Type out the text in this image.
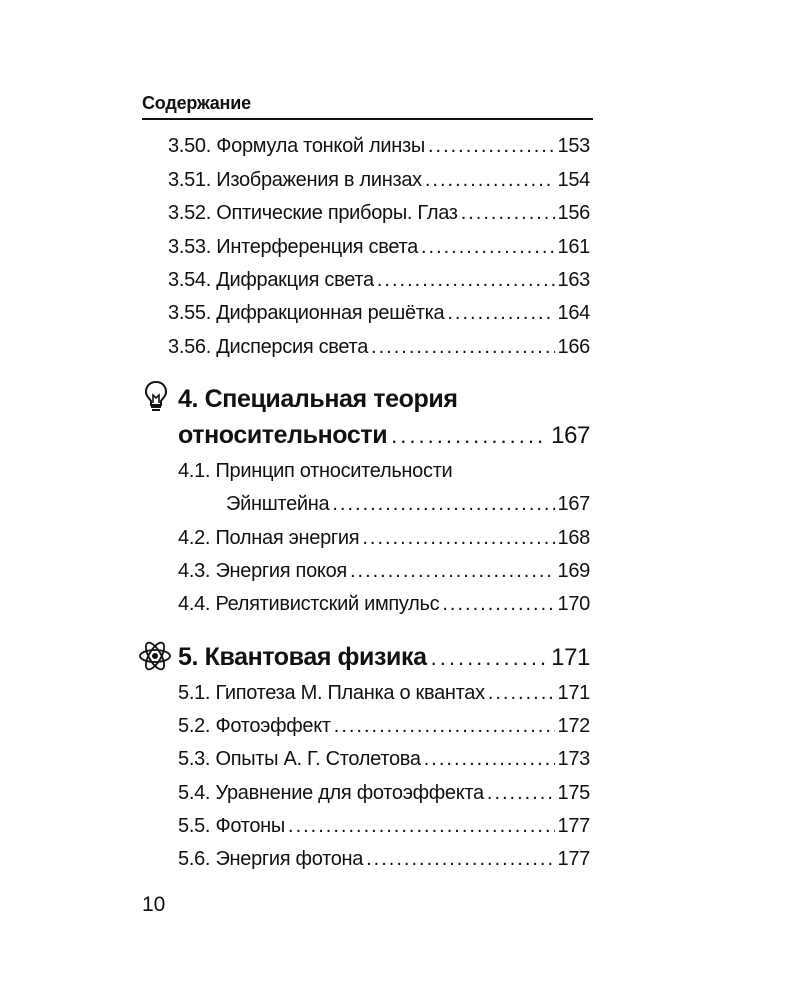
Содержание
3.50. Формула тонкой линзы .....	153
3.51. Изображения в линзах .....	154
3.52. Оптические приборы. Глаз .....	156
3.53. Интерференция света .....	161
3.54. Дифракция света .....	163
3.55. Дифракционная решётка .....	164
3.56. Дисперсия света .....	166
4. Специальная теория
относительности .....	167
4.1. Принцип относительности
Эйнштейна .....	167
4.2. Полная энергия .....	168
4.3. Энергия покоя .....	169
4.4. Релятивистский импульс .....	170
5. Квантовая физика .....	171
5.1. Гипотеза М. Планка о квантах .....	171
5.2. Фотоэффект .....	172
5.3. Опыты А. Г. Столетова .....	173
5.4. Уравнение для фотоэффекта .....	175
5.5. Фотоны .....	177
5.6. Энергия фотона .....	177
10
